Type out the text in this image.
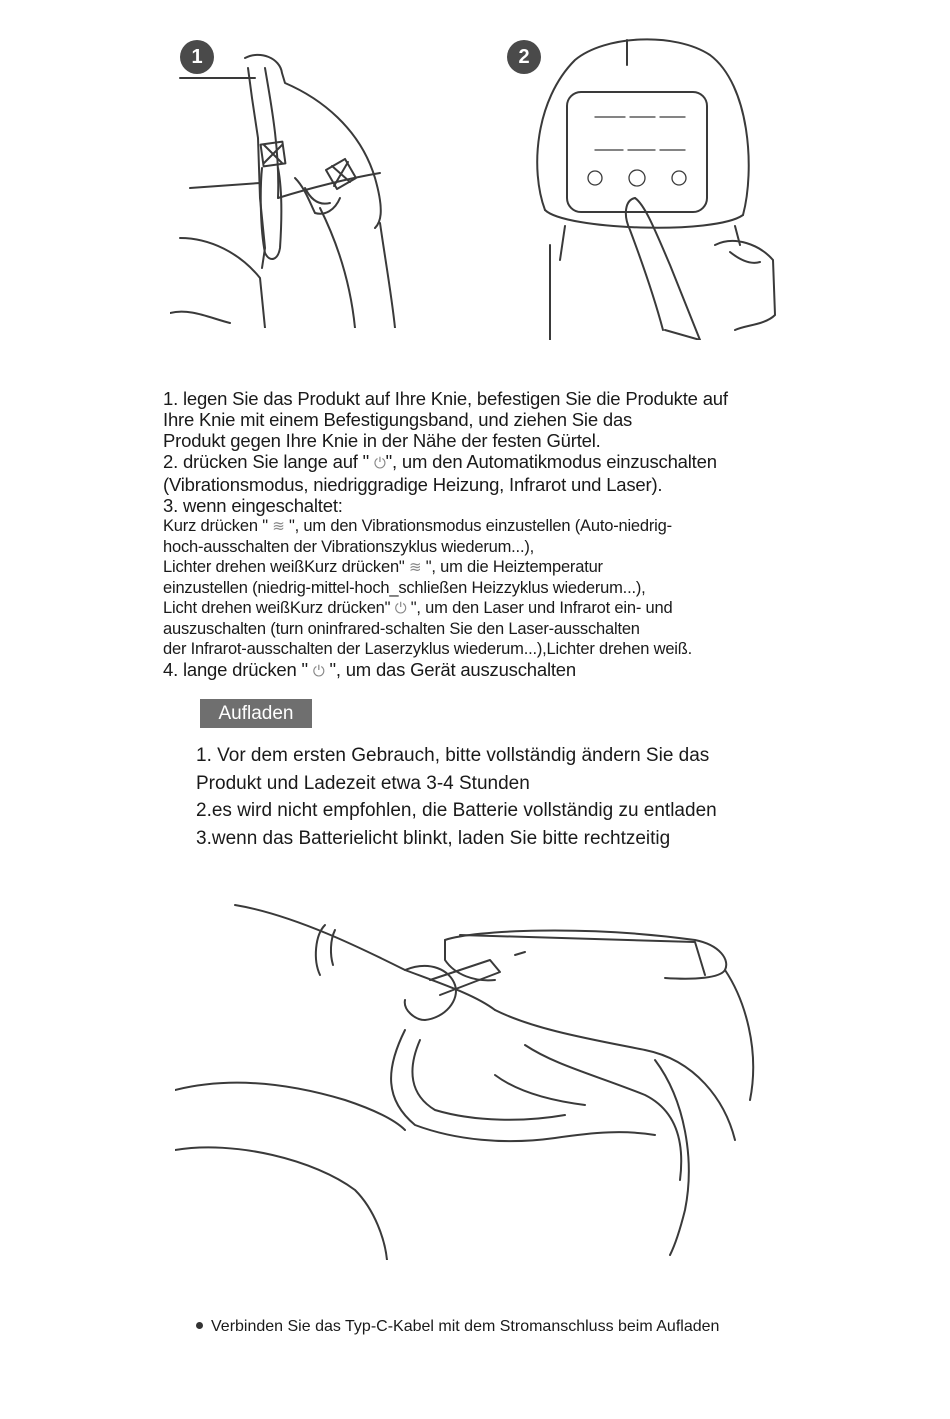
1	2
1. legen Sie das Produkt auf Ihre Knie, befestigen Sie die Produkte auf
Ihre Knie mit einem Befestigungsband, und ziehen Sie das
Produkt gegen Ihre Knie in der Nähe der festen Gürtel.
2. drücken Sie lange auf " ⏻", um den Automatikmodus einzuschalten
(Vibrationsmodus, niedriggradige Heizung, Infrarot und Laser).
3. wenn eingeschaltet:
Kurz drücken " ≋ ", um den Vibrationsmodus einzustellen (Auto-niedrig-
hoch-ausschalten der Vibrationszyklus wiederum...),
Lichter drehen weißKurz drücken" ≋ ", um die Heiztemperatur
einzustellen (niedrig-mittel-hoch_schließen Heizzyklus wiederum...),
Licht drehen weißKurz drücken" ⏻ ", um den Laser und Infrarot ein- und
auszuschalten (turn oninfrared-schalten Sie den Laser-ausschalten
der Infrarot-ausschalten der Laserzyklus wiederum...),Lichter drehen weiß.
4. lange drücken " ⏻ ", um das Gerät auszuschalten
Aufladen
1. Vor dem ersten Gebrauch, bitte vollständig ändern Sie das
Produkt und Ladezeit etwa 3-4 Stunden
2.es wird nicht empfohlen, die Batterie vollständig zu entladen
3.wenn das Batterielicht blinkt, laden Sie bitte rechtzeitig
Verbinden Sie das Typ-C-Kabel mit dem Stromanschluss beim Aufladen
